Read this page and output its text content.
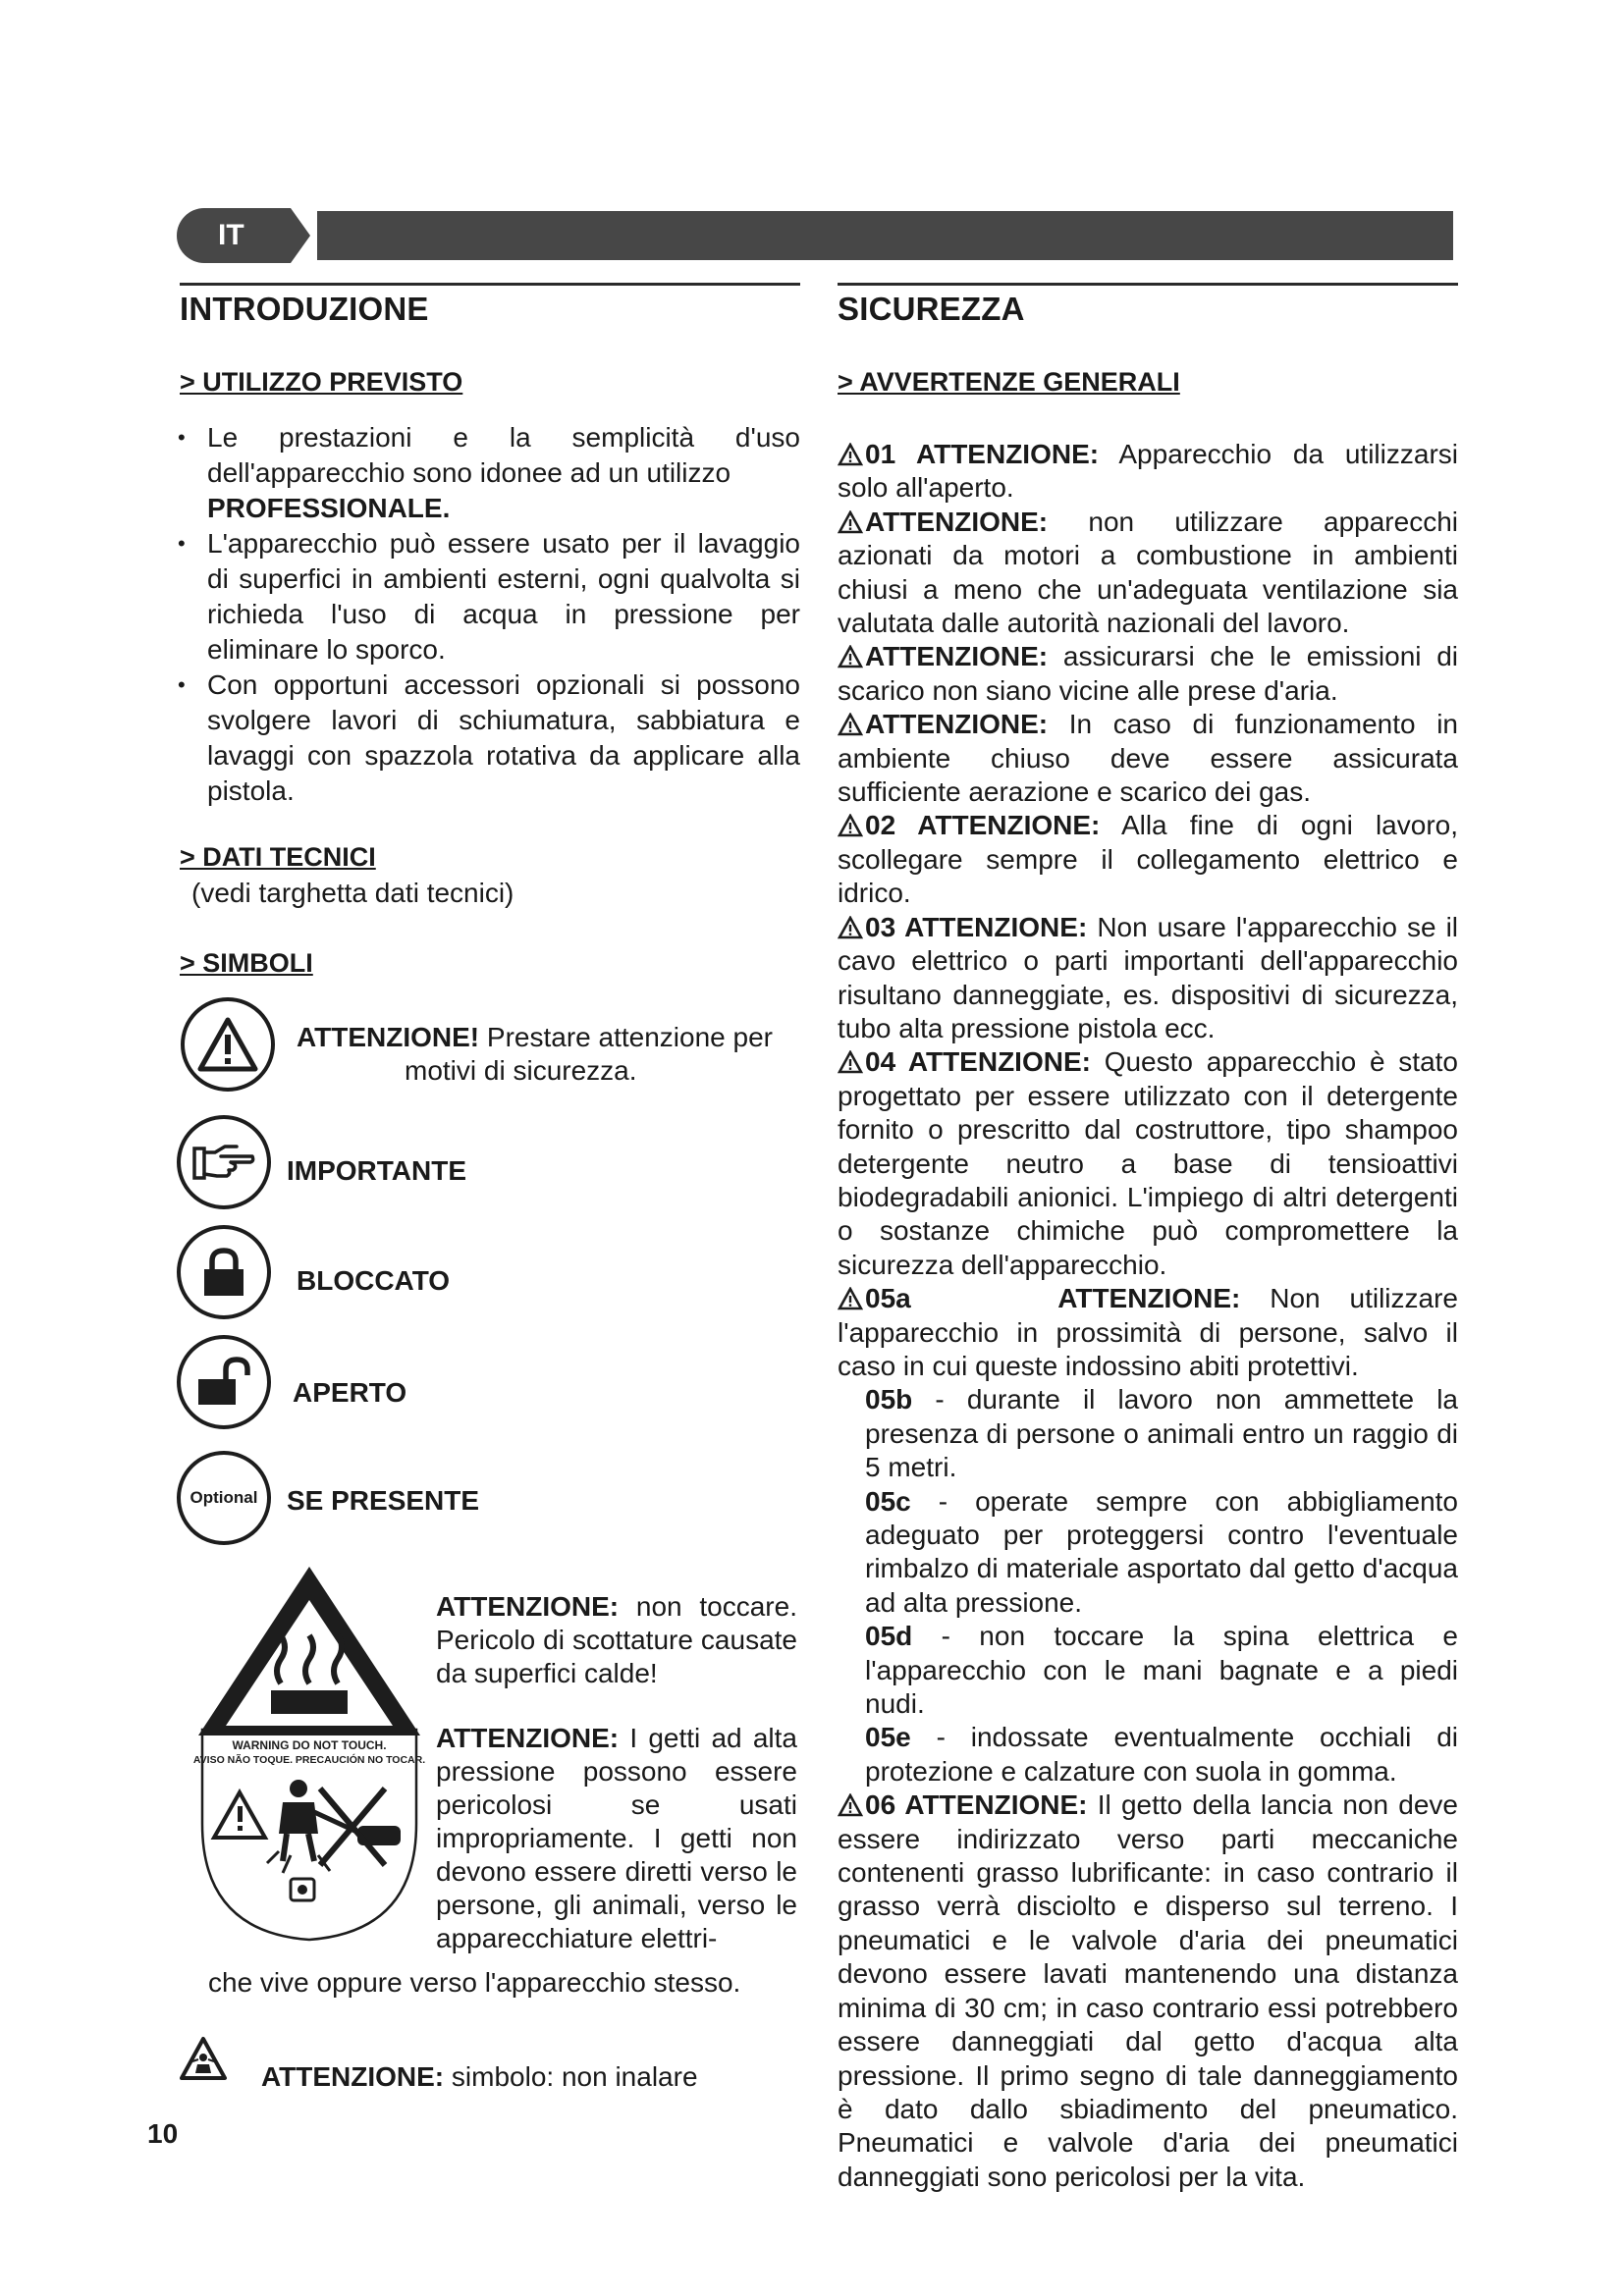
IT
INTRODUZIONE
> UTILIZZO PREVISTO
• Le prestazioni e la semplicità d'uso dell'apparecchio sono idonee ad un utilizzo
PROFESSIONALE.
• L'apparecchio può essere usato per il lavaggio di superfici in ambienti esterni, ogni qualvolta si richieda l'uso di acqua in pressione per eliminare lo sporco.
• Con opportuni accessori opzionali si possono svolgere lavori di schiumatura, sabbiatura e lavaggi con spazzola rotativa da applicare alla pistola.
> DATI TECNICI
(vedi targhetta dati tecnici)
> SIMBOLI
ATTENZIONE! Prestare attenzione per
motivi di sicurezza.
IMPORTANTE
BLOCCATO
APERTO
Optional SE PRESENTE
WARNING DO NOT TOUCH.
AVISO NÃO TOQUE. PRECAUCIÓN NO TOCAR.
ATTENZIONE: non toccare. Pericolo di scottature causate da superfici calde!
ATTENZIONE: I getti ad alta pressione possono essere pericolosi se usati impropriamente. I getti non devono essere diretti verso le persone, gli animali, verso le apparecchiature elettri-
che vive oppure verso l'apparecchio stesso.
ATTENZIONE: simbolo: non inalare
10
SICUREZZA
> AVVERTENZE GENERALI

01 ATTENZIONE: Apparecchio da utilizzarsi solo all'aperto.

ATTENZIONE: non utilizzare apparecchi azionati da motori a combustione in ambienti chiusi a meno che un'adeguata ventilazione sia valutata dalle autorità nazionali del lavoro.

ATTENZIONE: assicurarsi che le emissioni di scarico non siano vicine alle prese d'aria.

ATTENZIONE: In caso di funzionamento in ambiente chiuso deve essere assicurata sufficiente aerazione e scarico dei gas.

02 ATTENZIONE: Alla fine di ogni lavoro, scollegare sempre il collegamento elettrico e idrico.

03 ATTENZIONE: Non usare l'apparecchio se il cavo elettrico o parti importanti dell'apparecchio risultano danneggiate, es. dispositivi di sicurezza, tubo alta pressione pistola ecc.

04 ATTENZIONE: Questo apparecchio è stato progettato per essere utilizzato con il detergente fornito o prescritto dal costruttore, tipo shampoo detergente neutro a base di tensioattivi biodegradabili anionici. L'impiego di altri detergenti o sostanze chimiche può compromettere la sicurezza dell'apparecchio.

05a	ATTENZIONE: Non utilizzare l'apparecchio in prossimità di persone, salvo il caso in cui queste indossino abiti protettivi.

05b - durante il lavoro non ammettete la presenza di persone o animali entro un raggio di 5 metri.

05c - operate sempre con abbigliamento adeguato per proteggersi contro l'eventuale rimbalzo di materiale asportato dal getto d'acqua ad alta pressione.

05d - non toccare la spina elettrica e l'apparecchio con le mani bagnate e a piedi nudi.

05e - indossate eventualmente occhiali di protezione e calzature con suola in gomma.

06 ATTENZIONE: Il getto della lancia non deve essere indirizzato verso parti meccaniche contenenti grasso lubrificante: in caso contrario il grasso verrà disciolto e disperso sul terreno. I pneumatici e le valvole d'aria dei pneumatici devono essere lavati mantenendo una distanza minima di 30 cm; in caso contrario essi potrebbero essere danneggiati dal getto d'acqua alta pressione. Il primo segno di tale danneggiamento è dato dallo sbiadimento del pneumatico. Pneumatici e valvole d'aria dei pneumatici danneggiati sono pericolosi per la vita.
